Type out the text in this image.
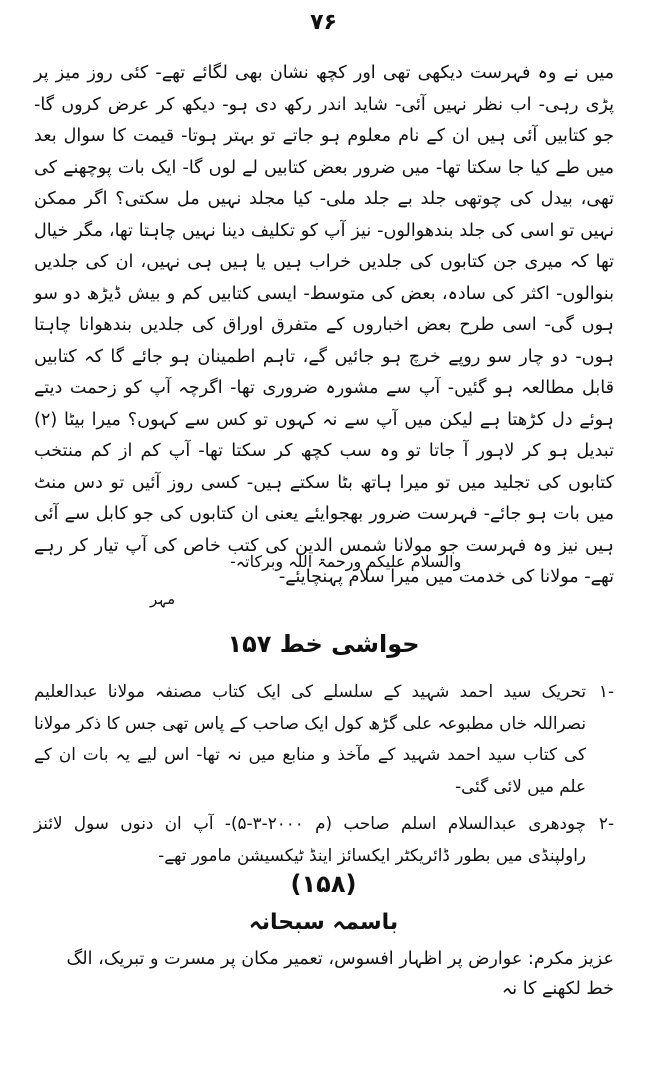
۷۶

میں نے وہ فہرست دیکھی تھی اور کچھ نشان بھی لگائے تھے- کئی روز میز پر پڑی رہی- اب نظر نہیں آئی- شاید اندر رکھ دی ہو- دیکھ کر عرض کروں گا- جو کتابیں آئی ہیں ان کے نام معلوم ہو جاتے تو بہتر ہوتا- قیمت کا سوال بعد میں طے کیا جا سکتا تھا- میں ضرور بعض کتابیں لے لوں گا- ایک بات پوچھنے کی تھی، بیدل کی چوتھی جلد بے جلد ملی- کیا مجلد نہیں مل سکتی؟ اگر ممکن نہیں تو اسی کی جلد بندھوالوں- نیز آپ کو تکلیف دینا نہیں چاہتا تھا، مگر خیال تھا کہ میری جن کتابوں کی جلدیں خراب ہیں یا ہیں ہی نہیں، ان کی جلدیں بنوالوں- اکثر کی سادہ، بعض کی متوسط- ایسی کتابیں کم و بیش ڈیڑھ دو سو ہوں گی- اسی طرح بعض اخباروں کے متفرق اوراق کی جلدیں بندھوانا چاہتا ہوں- دو چار سو روپے خرچ ہو جائیں گے، تاہم اطمینان ہو جائے گا کہ کتابیں قابل مطالعہ ہو گئیں- آپ سے مشورہ ضروری تھا- اگرچہ آپ کو زحمت دیتے ہوئے دل کڑھتا ہے لیکن میں آپ سے نہ کہوں تو کس سے کہوں؟ میرا بیٹا (۲) تبدیل ہو کر لاہور آ جاتا تو وہ سب کچھ کر سکتا تھا- آپ کم از کم منتخب کتابوں کی تجلید میں تو میرا ہاتھ بٹا سکتے ہیں- کسی روز آئیں تو دس منٹ میں بات ہو جائے- فہرست ضرور بھجوایئے یعنی ان کتابوں کی جو کابل سے آئی ہیں نیز وہ فہرست جو مولانا شمس الدین کی کتب خاص کی آپ تیار کر رہے تھے- مولانا کی خدمت میں میرا سلام پہنچایئے-

والسلام علیکم ورحمۃ اللہ وبرکاتہ-
مہر
حواشی خط ۱۵۷
-۱
تحریک سید احمد شہید کے سلسلے کی ایک کتاب مصنفہ مولانا عبدالعلیم نصراللہ خاں مطبوعہ علی گڑھ کول ایک صاحب کے پاس تھی جس کا ذکر مولانا کی کتاب سید احمد شہید کے مآخذ و منابع میں نہ تھا- اس لیے یہ بات ان کے علم میں لائی گئی-
-۲
چودھری عبدالسلام اسلم صاحب (م ۲۰۰۰-۳-۵)- آپ ان دنوں سول لائنز راولپنڈی میں بطور ڈائریکٹر ایکسائز اینڈ ٹیکسیشن مامور تھے-
(۱۵۸)
باسمہ سبحانہ
عزیز مکرم: عوارض پر اظہار افسوس، تعمیر مکان پر مسرت و تبریک، الگ خط لکھنے کا نہ
